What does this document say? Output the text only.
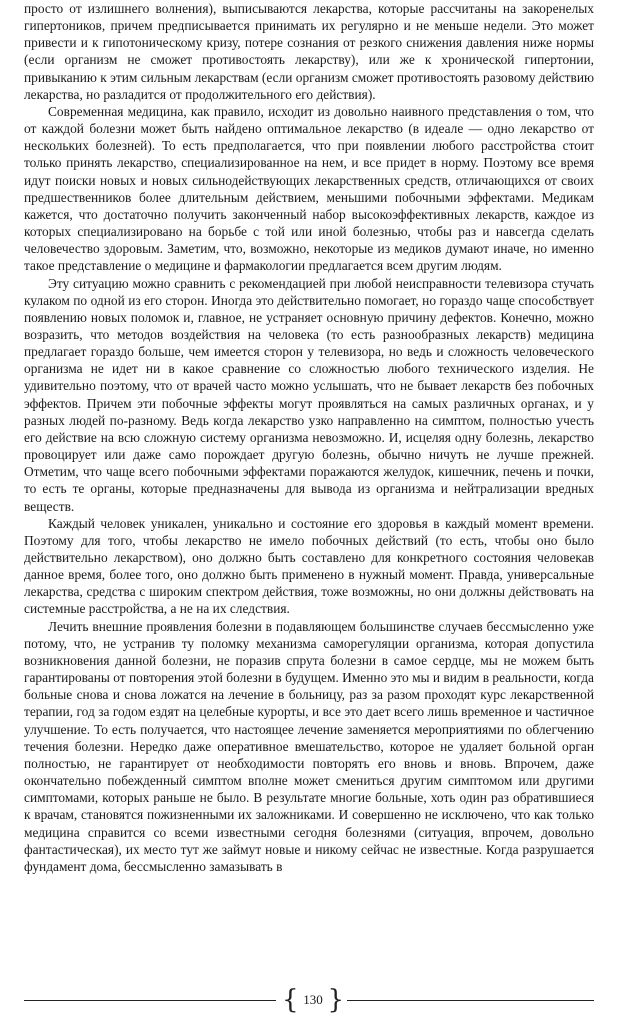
просто от излишнего волнения), выписываются лекарства, которые рассчитаны на закоренелых гипертоников, причем предписывается принимать их регулярно и не меньше недели. Это может привести и к гипотоническому кризу, потере сознания от резкого снижения давления ниже нормы (если организм не сможет противостоять лекарству), или же к хронической гипертонии, привыканию к этим сильным лекарствам (если организм сможет противостоять разовому действию лекарства, но разладится от продолжительного его действия).

Современная медицина, как правило, исходит из довольно наивного представления о том, что от каждой болезни может быть найдено оптимальное лекарство (в идеале — одно лекарство от нескольких болезней). То есть предполагается, что при появлении любого расстройства стоит только принять лекарство, специализированное на нем, и все придет в норму. Поэтому все время идут поиски новых и новых сильнодействующих лекарственных средств, отличающихся от своих предшественников более длительным действием, меньшими побочными эффектами. Медикам кажется, что достаточно получить законченный набор высокоэффективных лекарств, каждое из которых специализировано на борьбе с той или иной болезнью, чтобы раз и навсегда сделать человечество здоровым. Заметим, что, возможно, некоторые из медиков думают иначе, но именно такое представление о медицине и фармакологии предлагается всем другим людям.

Эту ситуацию можно сравнить с рекомендацией при любой неисправности телевизора стучать кулаком по одной из его сторон. Иногда это действительно помогает, но гораздо чаще способствует появлению новых поломок и, главное, не устраняет основную причину дефектов. Конечно, можно возразить, что методов воздействия на человека (то есть разнообразных лекарств) медицина предлагает гораздо больше, чем имеется сторон у телевизора, но ведь и сложность человеческого организма не идет ни в какое сравнение со сложностью любого технического изделия. Не удивительно поэтому, что от врачей часто можно услышать, что не бывает лекарств без побочных эффектов. Причем эти побочные эффекты могут проявляться на самых различных органах, и у разных людей по-разному. Ведь когда лекарство узко направленно на симптом, полностью учесть его действие на всю сложную систему организма невозможно. И, исцеляя одну болезнь, лекарство провоцирует или даже само порождает другую болезнь, обычно ничуть не лучше прежней. Отметим, что чаще всего побочными эффектами поражаются желудок, кишечник, печень и почки, то есть те органы, которые предназначены для вывода из организма и нейтрализации вредных веществ.

Каждый человек уникален, уникально и состояние его здоровья в каждый момент времени. Поэтому для того, чтобы лекарство не имело побочных действий (то есть, чтобы оно было действительно лекарством), оно должно быть составлено для конкретного состояния человекав данное время, более того, оно должно быть применено в нужный момент. Правда, универсальные лекарства, средства с широким спектром действия, тоже возможны, но они должны действовать на системные расстройства, а не на их следствия.

Лечить внешние проявления болезни в подавляющем большинстве случаев бессмысленно уже потому, что, не устранив ту поломку механизма саморегуляции организма, которая допустила возникновения данной болезни, не поразив спрута болезни в самое сердце, мы не можем быть гарантированы от повторения этой болезни в будущем. Именно это мы и видим в реальности, когда больные снова и снова ложатся на лечение в больницу, раз за разом проходят курс лекарственной терапии, год за годом ездят на целебные курорты, и все это дает всего лишь временное и частичное улучшение. То есть получается, что настоящее лечение заменяется мероприятиями по облегчению течения болезни. Нередко даже оперативное вмешательство, которое не удаляет больной орган полностью, не гарантирует от необходимости повторять его вновь и вновь. Впрочем, даже окончательно побежденный симптом вполне может смениться другим симптомом или другими симптомами, которых раньше не было. В результате многие больные, хоть один раз обратившиеся к врачам, становятся пожизненными их заложниками. И совершенно не исключено, что как только медицина справится со всеми известными сегодня болезнями (ситуация, впрочем, довольно фантастическая), их место тут же займут новые и никому сейчас не известные. Когда разрушается фундамент дома, бессмысленно замазывать в

{ 130 }
